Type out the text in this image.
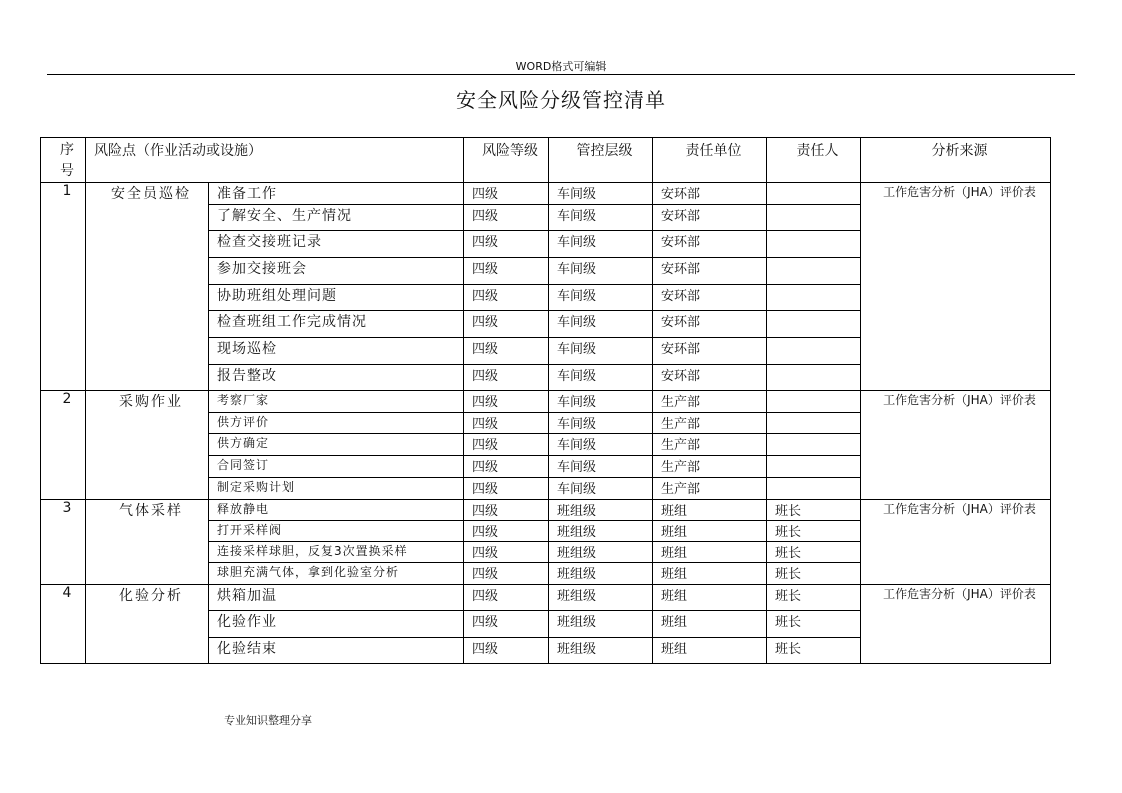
WORD格式可编辑
安全风险分级管控清单
序号	风险点（作业活动或设施）		风险等级	管控层级	责任单位	责任人	分析来源
1	安全员巡检	准备工作	四级	车间级	安环部		工作危害分析（JHA）评价表
		了解安全、生产情况	四级	车间级	安环部		
		检查交接班记录	四级	车间级	安环部		
		参加交接班会	四级	车间级	安环部		
		协助班组处理问题	四级	车间级	安环部		
		检查班组工作完成情况	四级	车间级	安环部		
		现场巡检	四级	车间级	安环部		
		报告整改	四级	车间级	安环部		
2	采购作业	考察厂家	四级	车间级	生产部		工作危害分析（JHA）评价表
		供方评价	四级	车间级	生产部		
		供方确定	四级	车间级	生产部		
		合同签订	四级	车间级	生产部		
		制定采购计划	四级	车间级	生产部		
3	气体采样	释放静电	四级	班组级	班组	班长	工作危害分析（JHA）评价表
		打开采样阀	四级	班组级	班组	班长	
		连接采样球胆，反复3次置换采样	四级	班组级	班组	班长	
		球胆充满气体，拿到化验室分析	四级	班组级	班组	班长	
4	化验分析	烘箱加温	四级	班组级	班组	班长	工作危害分析（JHA）评价表
		化验作业	四级	班组级	班组	班长	
		化验结束	四级	班组级	班组	班长	
专业知识整理分享
